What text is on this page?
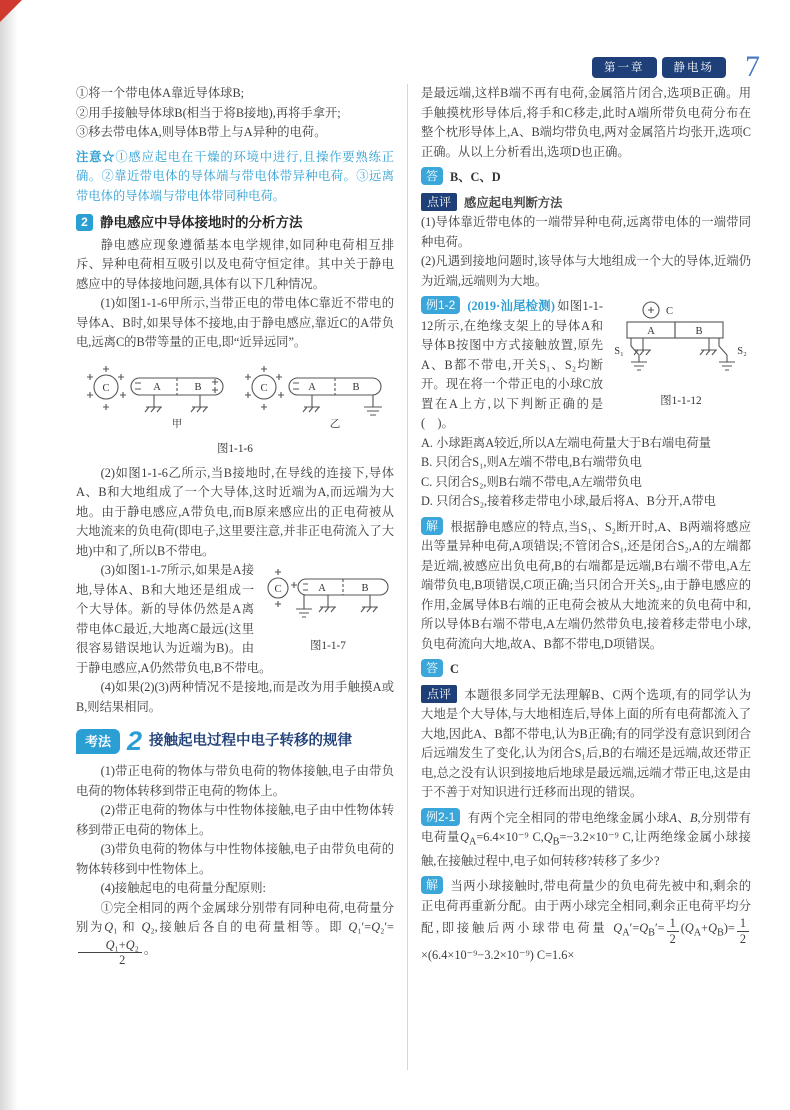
第一章	静电场	7

①将一个带电体A靠近导体球B;

②用手接触导体球B(相当于将B接地),再将手拿开;

③移去带电体A,则导体B带上与A异种的电荷。

注意☆①感应起电在干燥的环境中进行,且操作要熟练正确。②靠近带电体的导体端与带电体带异种电荷。③远离带电体的导体端与带电体带同种电荷。

2 静电感应中导体接地时的分析方法

静电感应现象遵循基本电学规律,如同种电荷相互排斥、异种电荷相互吸引以及电荷守恒定律。其中关于静电感应中的导体接地问题,具体有以下几种情况。

(1)如图1-1-6甲所示,当带正电的带电体C靠近不带电的导体A、B时,如果导体不接地,由于静电感应,靠近C的A带负电,远离C的B带等量的正电,即“近异远同”。

C	A	B
甲
C	A	B
乙
图1-1-6

(2)如图1-1-6乙所示,当B接地时,在导线的连接下,导体A、B和大地组成了一个大导体,这时近端为A,而远端为大地。由于静电感应,A带负电,而B原来感应出的正电荷被从大地流来的负电荷(即电子,这里要注意,并非正电荷流入了大地)中和了,所以B不带电。

C	A	B
图1-1-7

(3)如图1-1-7所示,如果是A接地,导体A、B和大地还是组成一个大导体。新的导体仍然是A离带电体C最近,大地离C最远(这里很容易错误地认为近端为B)。由于静电感应,A仍然带负电,B不带电。

(4)如果(2)(3)两种情况不是接地,而是改为用手触摸A或B,则结果相同。

考法 2 接触起电过程中电子转移的规律

(1)带正电荷的物体与带负电荷的物体接触,电子由带负电荷的物体转移到带正电荷的物体上。

(2)带正电荷的物体与中性物体接触,电子由中性物体转移到带正电荷的物体上。

(3)带负电荷的物体与中性物体接触,电子由带负电荷的物体转移到中性物体上。

(4)接触起电的电荷量分配原则:

①完全相同的两个金属球分别带有同种电荷,电荷量分别为Q₁ 和 Q₂,接触后各自的电荷量相等。即 Q₁′=Q₂′=
$\frac{\text{Q₁+Q₂}}{2}$ 。

是最远端,这样B端不再有电荷,金属箔片闭合,选项B正确。用手触摸枕形导体后,将手和C移走,此时A端所带负电荷分布在整个枕形导体上,A、B端均带负电,两对金属箔片均张开,选项C正确。从以上分析看出,选项D也正确。

答 B、C、D

点评 感应起电判断方法

(1)导体靠近带电体的一端带异种电荷,远离带电体的一端带同种电荷。

(2)凡遇到接地问题时,该导体与大地组成一个大的导体,近端仍为近端,远端则为大地。

C
A	B
S₁	S₂
图1-1-12

例1-2 (2019·汕尾检测) 如图1-1-12所示,在绝缘支架上的导体A和导体B按图中方式接触放置,原先A、B都不带电,开关S₁、S₂均断开。现在将一个带正电的小球C放置在A上方,以下判断正确的是(　)。

A. 小球距离A较近,所以A左端电荷量大于B右端电荷量

B. 只闭合S₁,则A左端不带电,B右端带负电

C. 只闭合S₂,则B右端不带电,A左端带负电

D. 只闭合S₂,接着移走带电小球,最后将A、B分开,A带电

解 根据静电感应的特点,当S₁、S₂断开时,A、B两端将感应出等量异种电荷,A项错误;不管闭合S₁,还是闭合S₂,A的左端都是近端,被感应出负电荷,B的右端都是远端,B右端不带电,A左端带负电,B项错误,C项正确;当只闭合开关S₂,由于静电感应的作用,金属导体B右端的正电荷会被从大地流来的负电荷中和,所以导体B右端不带电,A左端仍然带负电,接着移走带电小球,负电荷流向大地,故A、B都不带电,D项错误。

答 C

点评 本题很多同学无法理解B、C两个选项,有的同学认为大地是个大导体,与大地相连后,导体上面的所有电荷都流入了大地,因此A、B都不带电,认为B正确;有的同学没有意识到闭合后远端发生了变化,认为闭合S₁后,B的右端还是远端,故还带正电,总之没有认识到接地后地球是最远端,远端才带正电,这是由于不善于对知识进行迁移而出现的错误。

例2-1 有两个完全相同的带电绝缘金属小球A、B,分别带有电荷量$Q_A=6.4\times 10^{-9}$ $C,Q_B=-3.2\times 10^{-9}$ C,让两绝缘金属小球接触,在接触过程中,电子如何转移?转移了多少?

解 当两小球接触时,带电荷量少的负电荷先被中和,剩余的正电荷再重新分配。由于两小球完全相同,剩余正电荷平均分配,即接触后两小球带电荷量 $Q_A'=Q_B'= \frac{1}{2} (Q_A+Q_B)= \frac{1}{2}$
×(6.4×10⁻⁹−3.2×10⁻⁹) C=1.6×
